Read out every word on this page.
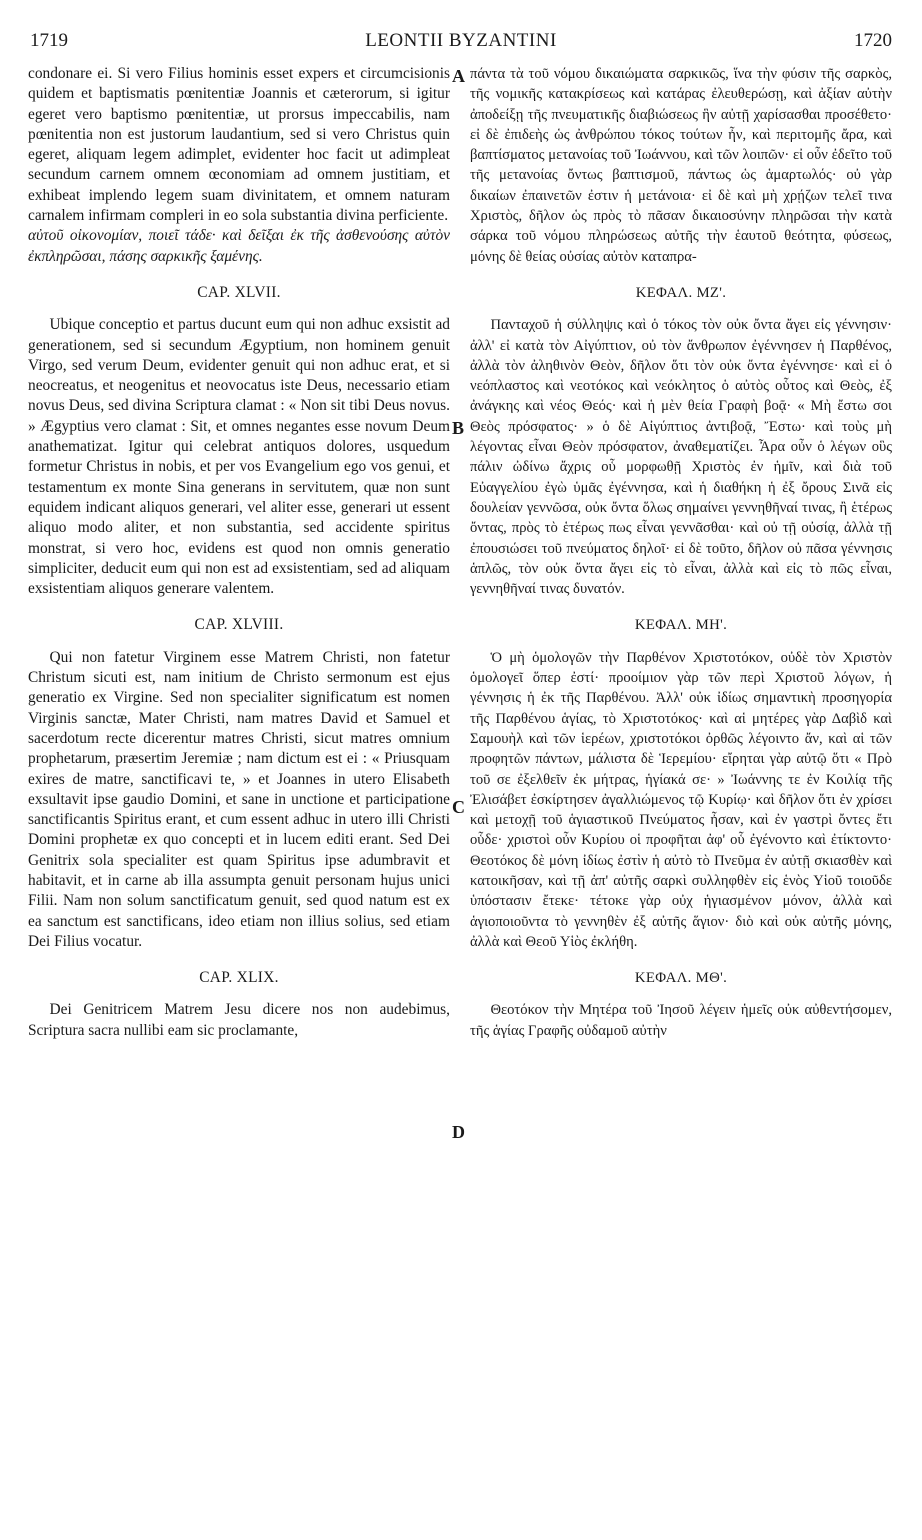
1719	LEONTII BYZANTINI	1720
A
B
C
D

condonare ei. Si vero Filius hominis esset expers et circumcisionis quidem et baptismatis pœnitentiæ Joannis et cæterorum, si igitur egeret vero baptismo pœnitentiæ, ut prorsus impeccabilis, nam pœnitentia non est justorum laudantium, sed si vero Christus quin egeret, aliquam legem adimplet, evidenter hoc facit ut adimpleat secundum carnem omnem œconomiam ad omnem justitiam, et exhibeat implendo legem suam divinitatem, et omnem naturam carnalem infirmam compleri in eo sola substantia divina perficiente.

αὐτοῦ οἰκονομίαν, ποιεῖ τάδε· καὶ δεῖξαι ἐκ τῆς ἀσθενούσης αὐτὸν ἐκπληρῶσαι, πάσης σαρκικῆς ξαμένης.

CAP. XLVII.

Ubique conceptio et partus ducunt eum qui non adhuc exsistit ad generationem, sed si secundum Ægyptium, non hominem genuit Virgo, sed verum Deum, evidenter genuit qui non adhuc erat, et si neocreatus, et neogenitus et neovocatus iste Deus, necessario etiam novus Deus, sed divina Scriptura clamat : « Non sit tibi Deus novus. » Ægyptius vero clamat : Sit, et omnes negantes esse novum Deum anathematizat. Igitur qui celebrat antiquos dolores, usquedum formetur Christus in nobis, et per vos Evangelium ego vos genui, et testamentum ex monte Sina generans in servitutem, quæ non sunt equidem indicant aliquos generari, vel aliter esse, generari ut essent aliquo modo aliter, et non substantia, sed accidente spiritus monstrat, si vero hoc, evidens est quod non omnis generatio simpliciter, deducit eum qui non est ad exsistentiam, sed ad aliquam exsistentiam aliquos generare valentem.

CAP. XLVIII.

Qui non fatetur Virginem esse Matrem Christi, non fatetur Christum sicuti est, nam initium de Christo sermonum est ejus generatio ex Virgine. Sed non specialiter significatum est nomen Virginis sanctæ, Mater Christi, nam matres David et Samuel et sacerdotum recte dicerentur matres Christi, sicut matres omnium prophetarum, præsertim Jeremiæ ; nam dictum est ei : « Priusquam exires de matre, sanctificavi te, » et Joannes in utero Elisabeth exsultavit ipse gaudio Domini, et sane in unctione et participatione sanctificantis Spiritus erant, et cum essent adhuc in utero illi Christi Domini prophetæ ex quo concepti et in lucem editi erant. Sed Dei Genitrix sola specialiter est quam Spiritus ipse adumbravit et habitavit, et in carne ab illa assumpta genuit personam hujus unici Filii. Nam non solum sanctificatum genuit, sed quod natum est ex ea sanctum est sanctificans, ideo etiam non illius solius, sed etiam Dei Filius vocatur.

CAP. XLIX.

Dei Genitricem Matrem Jesu dicere nos non audebimus, Scriptura sacra nullibi eam sic proclamante,

πάντα τὰ τοῦ νόμου δικαιώματα σαρκικῶς, ἵνα τὴν φύσιν τῆς σαρκὸς, τῆς νομικῆς κατακρίσεως καὶ κατάρας ἐλευθερώσῃ, καὶ ἀξίαν αὐτὴν ἀποδείξῃ τῆς πνευματικῆς διαβιώσεως ἣν αὐτῇ χαρίσασθαι προσέθετο· εἰ δὲ ἐπιδεὴς ὡς ἀνθρώπου τόκος τούτων ἦν, καὶ περιτομῆς ἄρα, καὶ βαπτίσματος μετανοίας τοῦ Ἰωάννου, καὶ τῶν λοιπῶν· εἰ οὖν ἐδεῖτο τοῦ τῆς μετανοίας ὄντως βαπτισμοῦ, πάντως ὡς ἁμαρτωλός· οὐ γὰρ δικαίων ἐπαινετῶν ἐστιν ἡ μετάνοια· εἰ δὲ καὶ μὴ χρῄζων τελεῖ τινα Χριστὸς, δῆλον ὡς πρὸς τὸ πᾶσαν δικαιοσύνην πληρῶσαι τὴν κατὰ σάρκα τοῦ νόμου πληρώσεως αὐτῆς τὴν ἑαυτοῦ θεότητα, φύσεως, μόνης δὲ θείας οὐσίας αὐτὸν καταπρα-

ΚΕΦΑΛ. ΜΖ'.

Πανταχοῦ ἡ σύλληψις καὶ ὁ τόκος τὸν οὐκ ὄντα ἄγει εἰς γέννησιν· ἀλλ' εἰ κατὰ τὸν Αἰγύπτιον, οὐ τὸν ἄνθρωπον ἐγέννησεν ἡ Παρθένος, ἀλλὰ τὸν ἀληθινὸν Θεὸν, δῆλον ὅτι τὸν οὐκ ὄντα ἐγέννησε· καὶ εἰ ὁ νεόπλαστος καὶ νεοτόκος καὶ νεόκλητος ὁ αὐτὸς οὗτος καὶ Θεὸς, ἐξ ἀνάγκης καὶ νέος Θεός· καὶ ἡ μὲν θεία Γραφὴ βοᾷ· « Μὴ ἔστω σοι Θεὸς πρόσφατος· » ὁ δὲ Αἰγύπτιος ἀντιβοᾷ, Ἔστω· καὶ τοὺς μὴ λέγοντας εἶναι Θεὸν πρόσφατον, ἀναθεματίζει. Ἆρα οὖν ὁ λέγων οὓς πάλιν ὠδίνω ἄχρις οὗ μορφωθῇ Χριστὸς ἐν ἡμῖν, καὶ διὰ τοῦ Εὐαγγελίου ἐγὼ ὑμᾶς ἐγέννησα, καὶ ἡ διαθήκη ἡ ἐξ ὄρους Σινᾶ εἰς δουλείαν γεννῶσα, οὐκ ὄντα ὅλως σημαίνει γεννηθῆναί τινας, ἢ ἑτέρως ὄντας, πρὸς τὸ ἑτέρως πως εἶναι γεννᾶσθαι· καὶ οὐ τῇ οὐσίᾳ, ἀλλὰ τῇ ἐπουσιώσει τοῦ πνεύματος δηλοῖ· εἰ δὲ τοῦτο, δῆλον οὐ πᾶσα γέννησις ἁπλῶς, τὸν οὐκ ὄντα ἄγει εἰς τὸ εἶναι, ἀλλὰ καὶ εἰς τὸ πῶς εἶναι, γεννηθῆναί τινας δυνατόν.

ΚΕΦΑΛ. ΜΗ'.

Ὁ μὴ ὁμολογῶν τὴν Παρθένον Χριστοτόκον, οὐδὲ τὸν Χριστὸν ὁμολογεῖ ὅπερ ἐστί· προοίμιον γὰρ τῶν περὶ Χριστοῦ λόγων, ἡ γέννησις ἡ ἐκ τῆς Παρθένου. Ἀλλ' οὐκ ἰδίως σημαντικὴ προσηγορία τῆς Παρθένου ἁγίας, τὸ Χριστοτόκος· καὶ αἱ μητέρες γὰρ Δαβὶδ καὶ Σαμουὴλ καὶ τῶν ἱερέων, χριστοτόκοι ὀρθῶς λέγοιντο ἄν, καὶ αἱ τῶν προφητῶν πάντων, μάλιστα δὲ Ἱερεμίου· εἴρηται γὰρ αὐτῷ ὅτι « Πρὸ τοῦ σε ἐξελθεῖν ἐκ μήτρας, ἡγίακά σε· » Ἰωάννης τε ἐν Κοιλίᾳ τῆς Ἐλισάβετ ἐσκίρτησεν ἀγαλλιώμενος τῷ Κυρίῳ· καὶ δῆλον ὅτι ἐν χρίσει καὶ μετοχῇ τοῦ ἁγιαστικοῦ Πνεύματος ἦσαν, καὶ ἐν γαστρὶ ὄντες ἔτι οὗδε· χριστοὶ οὖν Κυρίου οἱ προφῆται ἀφ' οὗ ἐγένοντο καὶ ἐτίκτοντο· Θεοτόκος δὲ μόνη ἰδίως ἐστὶν ἡ αὐτὸ τὸ Πνεῦμα ἐν αὐτῇ σκιασθὲν καὶ κατοικῆσαν, καὶ τῇ ἀπ' αὐτῆς σαρκὶ συλληφθὲν εἰς ἑνὸς Υἱοῦ τοιοῦδε ὑπόστασιν ἔτεκε· τέτοκε γὰρ οὐχ ἡγιασμένον μόνον, ἀλλὰ καὶ ἁγιοποιοῦντα τὸ γεννηθὲν ἐξ αὐτῆς ἅγιον· διὸ καὶ οὐκ αὐτῆς μόνης, ἀλλὰ καὶ Θεοῦ Υἱὸς ἐκλήθη.

ΚΕΦΑΛ. ΜΘ'.

Θεοτόκον τὴν Μητέρα τοῦ Ἰησοῦ λέγειν ἡμεῖς οὐκ αὐθεντήσομεν, τῆς ἁγίας Γραφῆς οὐδαμοῦ αὐτὴν
